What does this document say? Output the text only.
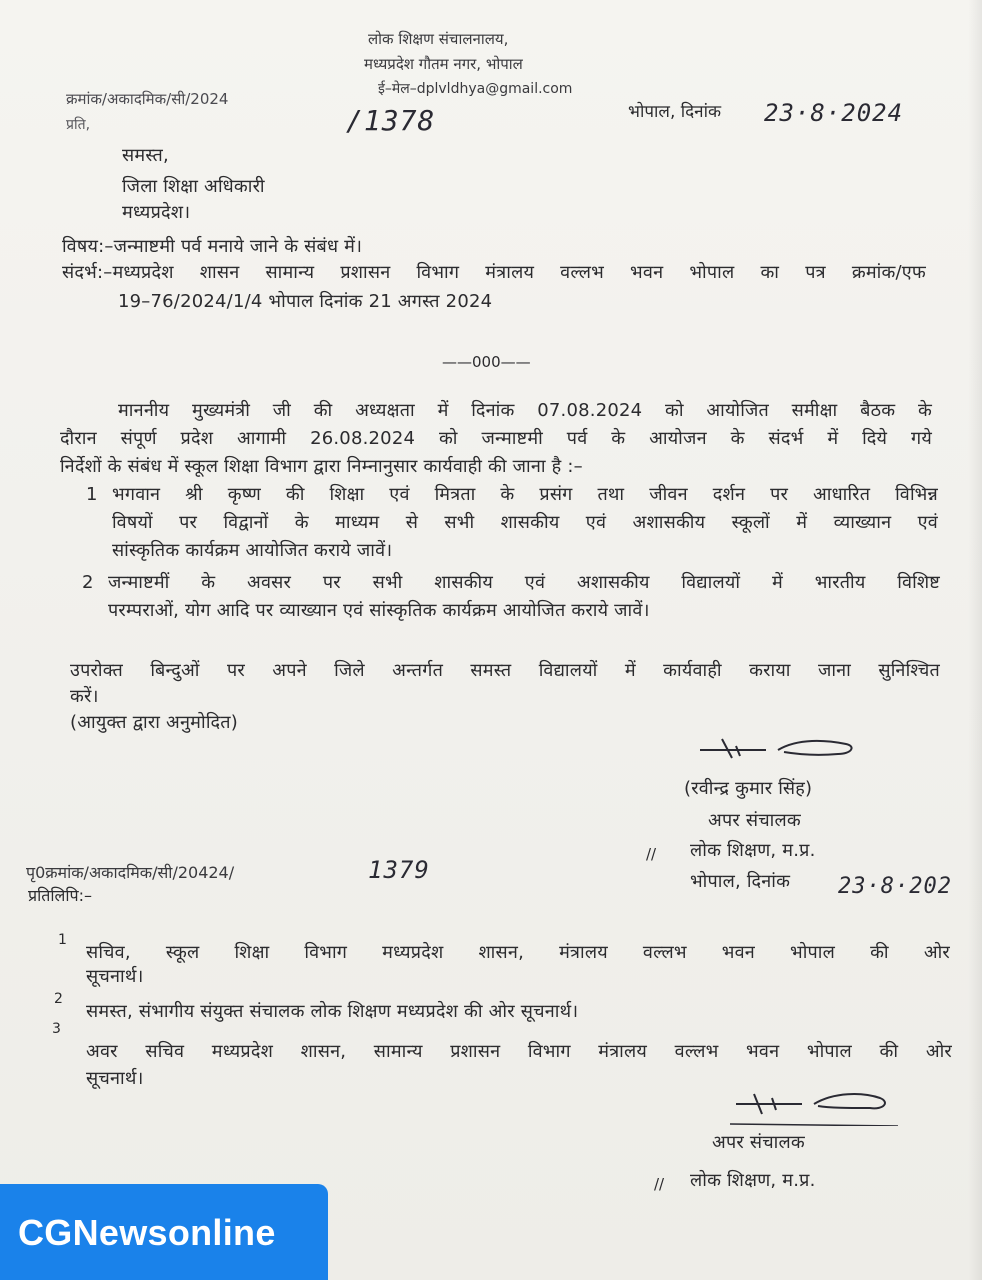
लोक शिक्षण संचालनालय,
मध्यप्रदेश गौतम नगर, भोपाल
ई–मेल–dplvldhya@gmail.com
क्रमांक/अकादमिक/सी/2024
/1378
प्रति,
भोपाल, दिनांक 23·8·2024
समस्त,
जिला शिक्षा अधिकारी
मध्यप्रदेश।
विषय:–जन्माष्टमी पर्व मनाये जाने के संबंध में।
संदर्भ:–मध्यप्रदेश शासन सामान्य प्रशासन विभाग मंत्रालय वल्लभ भवन भोपाल का पत्र क्रमांक/एफ
19–76/2024/1/4 भोपाल दिनांक 21 अगस्त 2024
——000——
माननीय मुख्यमंत्री जी की अध्यक्षता में दिनांक 07.08.2024 को आयोजित समीक्षा बैठक के
दौरान संपूर्ण प्रदेश आगामी 26.08.2024 को जन्माष्टमी पर्व के आयोजन के संदर्भ में दिये गये
निर्देशों के संबंध में स्कूल शिक्षा विभाग द्वारा निम्नानुसार कार्यवाही की जाना है :–
1 भगवान श्री कृष्ण की शिक्षा एवं मित्रता के प्रसंग तथा जीवन दर्शन पर आधारित विभिन्न
विषयों पर विद्वानों के माध्यम से सभी शासकीय एवं अशासकीय स्कूलों में व्याख्यान एवं
सांस्कृतिक कार्यक्रम आयोजित कराये जावें।
2 जन्माष्टमीं के अवसर पर सभी शासकीय एवं अशासकीय विद्यालयों में भारतीय विशिष्ट
परम्पराओं, योग आदि पर व्याख्यान एवं सांस्कृतिक कार्यक्रम आयोजित कराये जावें।
उपरोक्त बिन्दुओं पर अपने जिले अन्तर्गत समस्त विद्यालयों में कार्यवाही कराया जाना सुनिश्चित
करें।
(आयुक्त द्वारा अनुमोदित)
(रवीन्द्र कुमार सिंह)
अपर संचालक
// लोक शिक्षण, म.प्र.
भोपाल, दिनांक 23·8·202
पृ0क्रमांक/अकादमिक/सी/20424/	1379
प्रतिलिपि:–
1
सचिव, स्कूल शिक्षा विभाग मध्यप्रदेश शासन, मंत्रालय वल्लभ भवन भोपाल की ओर
सूचनार्थ।
2
समस्त, संभागीय संयुक्त संचालक लोक शिक्षण मध्यप्रदेश की ओर सूचनार्थ।
3
अवर सचिव मध्यप्रदेश शासन, सामान्य प्रशासन विभाग मंत्रालय वल्लभ भवन भोपाल की ओर
सूचनार्थ।
अपर संचालक
// लोक शिक्षण, म.प्र.
CGNewsonline
